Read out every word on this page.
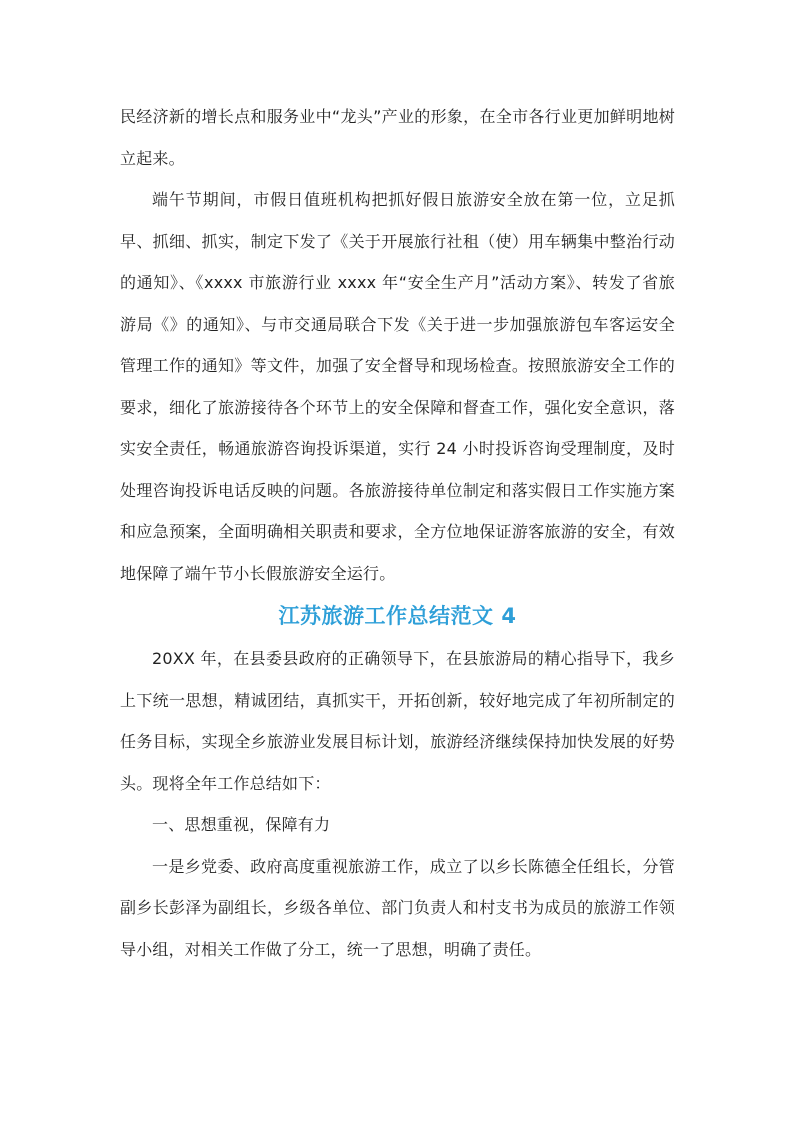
民经济新的增长点和服务业中“龙头”产业的形象，在全市各行业更加鲜明地树立起来。

端午节期间，市假日值班机构把抓好假日旅游安全放在第一位，立足抓早、抓细、抓实，制定下发了《关于开展旅行社租（使）用车辆集中整治行动的通知》、《xxxx 市旅游行业 xxxx 年“安全生产月”活动方案》、转发了省旅游局《》的通知》、与市交通局联合下发《关于进一步加强旅游包车客运安全管理工作的通知》等文件，加强了安全督导和现场检查。按照旅游安全工作的要求，细化了旅游接待各个环节上的安全保障和督查工作，强化安全意识，落实安全责任，畅通旅游咨询投诉渠道，实行 24 小时投诉咨询受理制度，及时处理咨询投诉电话反映的问题。各旅游接待单位制定和落实假日工作实施方案和应急预案，全面明确相关职责和要求，全方位地保证游客旅游的安全，有效地保障了端午节小长假旅游安全运行。

江苏旅游工作总结范文 4

20XX 年，在县委县政府的正确领导下，在县旅游局的精心指导下，我乡上下统一思想，精诚团结，真抓实干，开拓创新，较好地完成了年初所制定的任务目标，实现全乡旅游业发展目标计划，旅游经济继续保持加快发展的好势头。现将全年工作总结如下：

一、思想重视，保障有力

一是乡党委、政府高度重视旅游工作，成立了以乡长陈德全任组长，分管副乡长彭泽为副组长，乡级各单位、部门负责人和村支书为成员的旅游工作领导小组，对相关工作做了分工，统一了思想，明确了责任。
